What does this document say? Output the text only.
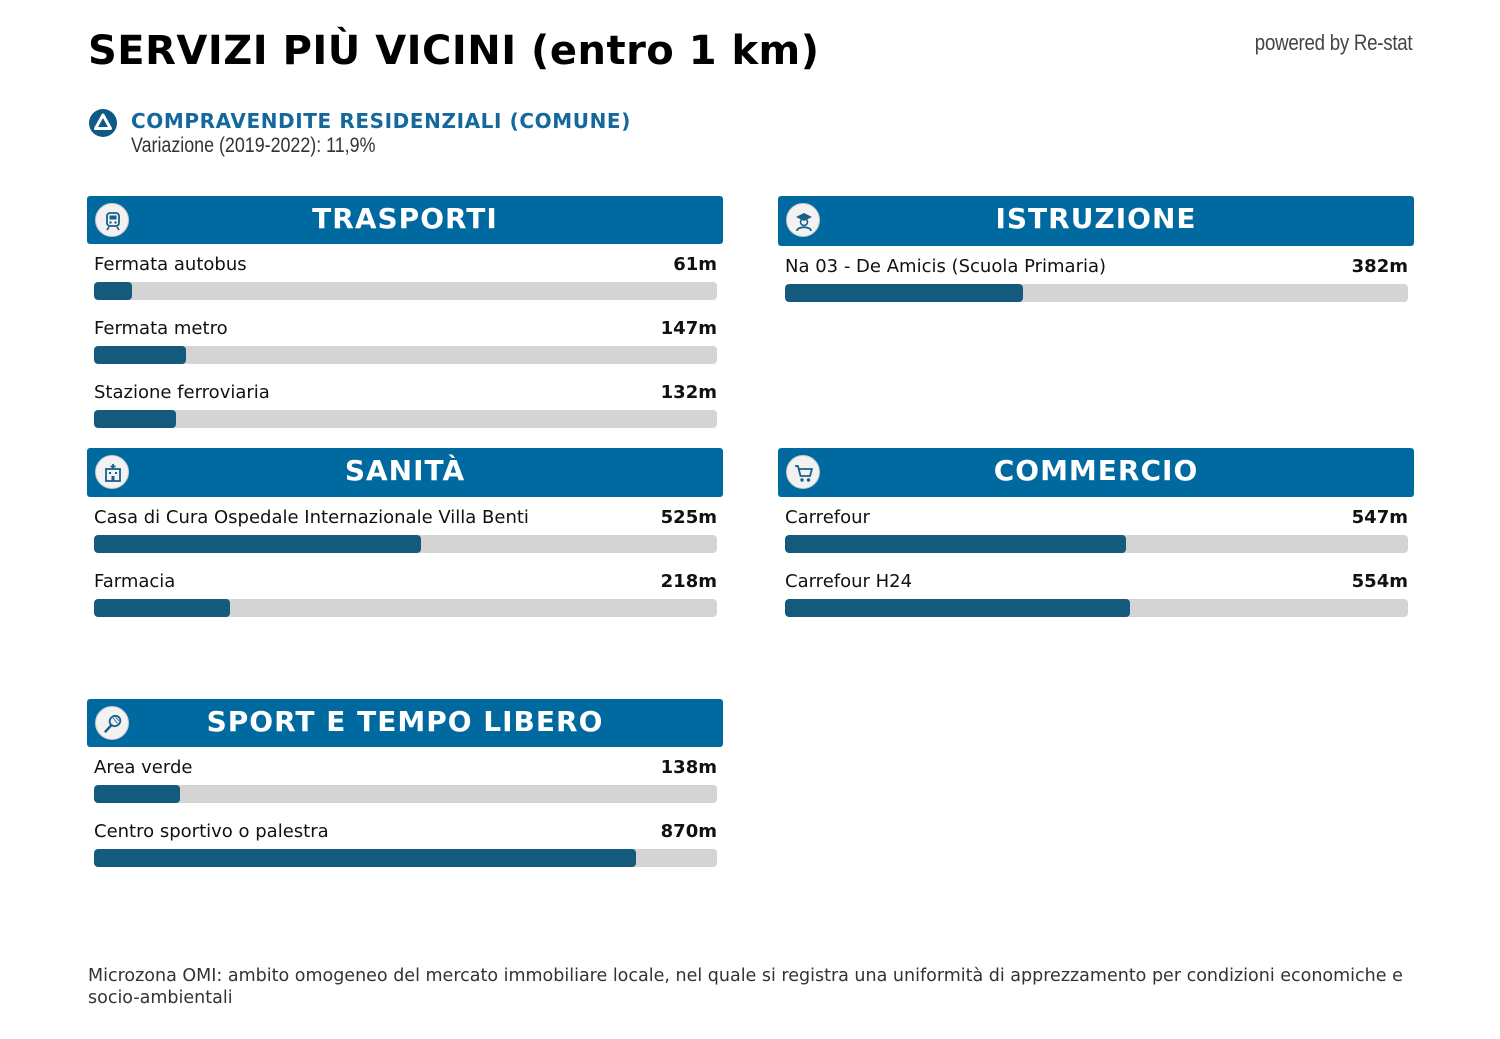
SERVIZI PIÙ VICINI (entro 1 km)	powered by Re-stat
COMPRAVENDITE RESIDENZIALI (COMUNE)
Variazione (2019-2022): 11,9%
TRASPORTI
Fermata autobus	61m
Fermata metro	147m
Stazione ferroviaria	132m
ISTRUZIONE
Na 03 - De Amicis (Scuola Primaria)	382m
SANITÀ
Casa di Cura Ospedale Internazionale Villa Benti	525m
Farmacia	218m
COMMERCIO
Carrefour	547m
Carrefour H24	554m
SPORT E TEMPO LIBERO
Area verde	138m
Centro sportivo o palestra	870m
Microzona OMI: ambito omogeneo del mercato immobiliare locale, nel quale si registra una uniformità di apprezzamento per condizioni economiche e socio-ambientali
